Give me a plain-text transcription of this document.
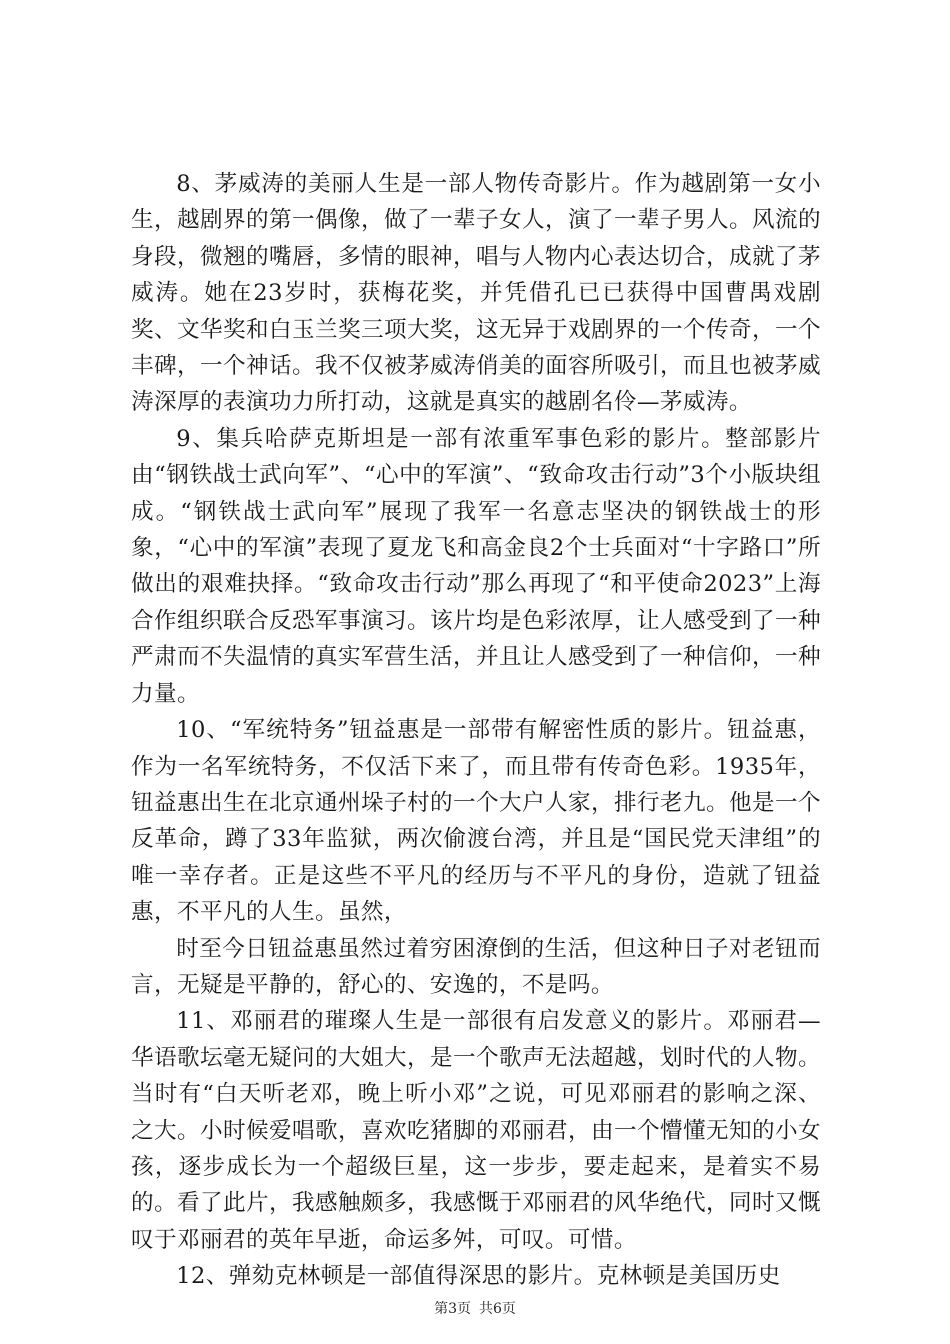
8、茅威涛的美丽人生是一部人物传奇影片。作为越剧第一女小生，越剧界的第一偶像，做了一辈子女人，演了一辈子男人。风流的身段，微翘的嘴唇，多情的眼神，唱与人物内心表达切合，成就了茅威涛。她在23岁时，获梅花奖，并凭借孔已已获得中国曹禺戏剧奖、文华奖和白玉兰奖三项大奖，这无异于戏剧界的一个传奇，一个丰碑，一个神话。我不仅被茅威涛俏美的面容所吸引，而且也被茅威涛深厚的表演功力所打动，这就是真实的越剧名伶—茅威涛。

9、集兵哈萨克斯坦是一部有浓重军事色彩的影片。整部影片由“钢铁战士武向军”、“心中的军演”、“致命攻击行动”3个小版块组成。“钢铁战士武向军”展现了我军一名意志坚决的钢铁战士的形象，“心中的军演”表现了夏龙飞和高金良2个士兵面对“十字路口”所做出的艰难抉择。“致命攻击行动”那么再现了“和平使命2023”上海合作组织联合反恐军事演习。该片均是色彩浓厚，让人感受到了一种严肃而不失温情的真实军营生活，并且让人感受到了一种信仰，一种力量。

10、“军统特务”钮益惠是一部带有解密性质的影片。钮益惠，作为一名军统特务，不仅活下来了，而且带有传奇色彩。1935年，钮益惠出生在北京通州垛子村的一个大户人家，排行老九。他是一个反革命，蹲了33年监狱，两次偷渡台湾，并且是“国民党天津组”的唯一幸存者。正是这些不平凡的经历与不平凡的身份，造就了钮益惠，不平凡的人生。虽然，

时至今日钮益惠虽然过着穷困潦倒的生活，但这种日子对老钮而言，无疑是平静的，舒心的、安逸的，不是吗。

11、邓丽君的璀璨人生是一部很有启发意义的影片。邓丽君—华语歌坛毫无疑问的大姐大，是一个歌声无法超越，划时代的人物。当时有“白天听老邓，晚上听小邓”之说，可见邓丽君的影响之深、之大。小时候爱唱歌，喜欢吃猪脚的邓丽君，由一个懵懂无知的小女孩，逐步成长为一个超级巨星，这一步步，要走起来，是着实不易的。看了此片，我感触颇多，我感慨于邓丽君的风华绝代，同时又慨叹于邓丽君的英年早逝，命运多舛，可叹。可惜。

12、弹劾克林顿是一部值得深思的影片。克林顿是美国历史

第3页 共6页
